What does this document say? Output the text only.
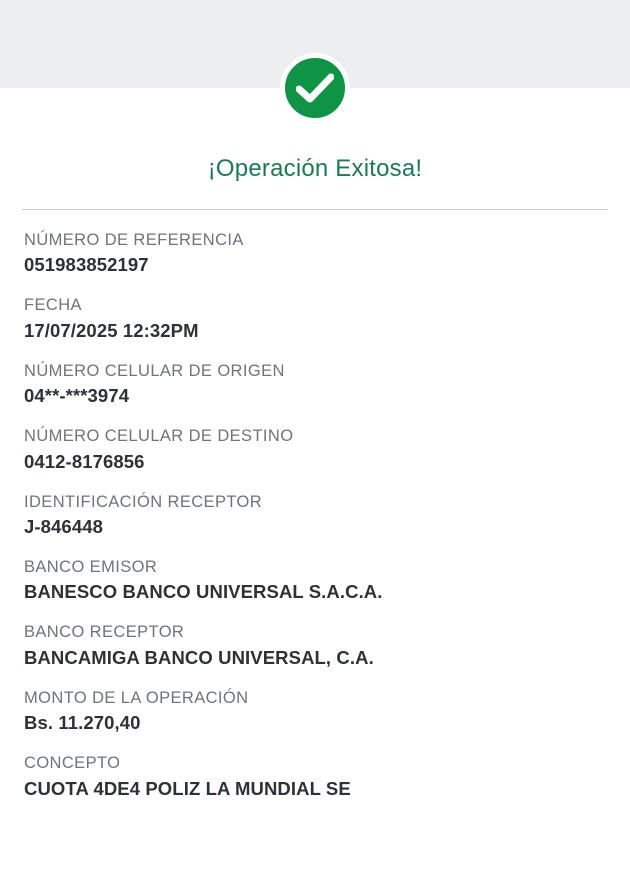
¡Operación Exitosa!
NÚMERO DE REFERENCIA
051983852197
FECHA
17/07/2025 12:32PM
NÚMERO CELULAR DE ORIGEN
04**-***3974
NÚMERO CELULAR DE DESTINO
0412-8176856
IDENTIFICACIÓN RECEPTOR
J-846448
BANCO EMISOR
BANESCO BANCO UNIVERSAL S.A.C.A.
BANCO RECEPTOR
BANCAMIGA BANCO UNIVERSAL, C.A.
MONTO DE LA OPERACIÓN
Bs. 11.270,40
CONCEPTO
CUOTA 4DE4 POLIZ LA MUNDIAL SE
